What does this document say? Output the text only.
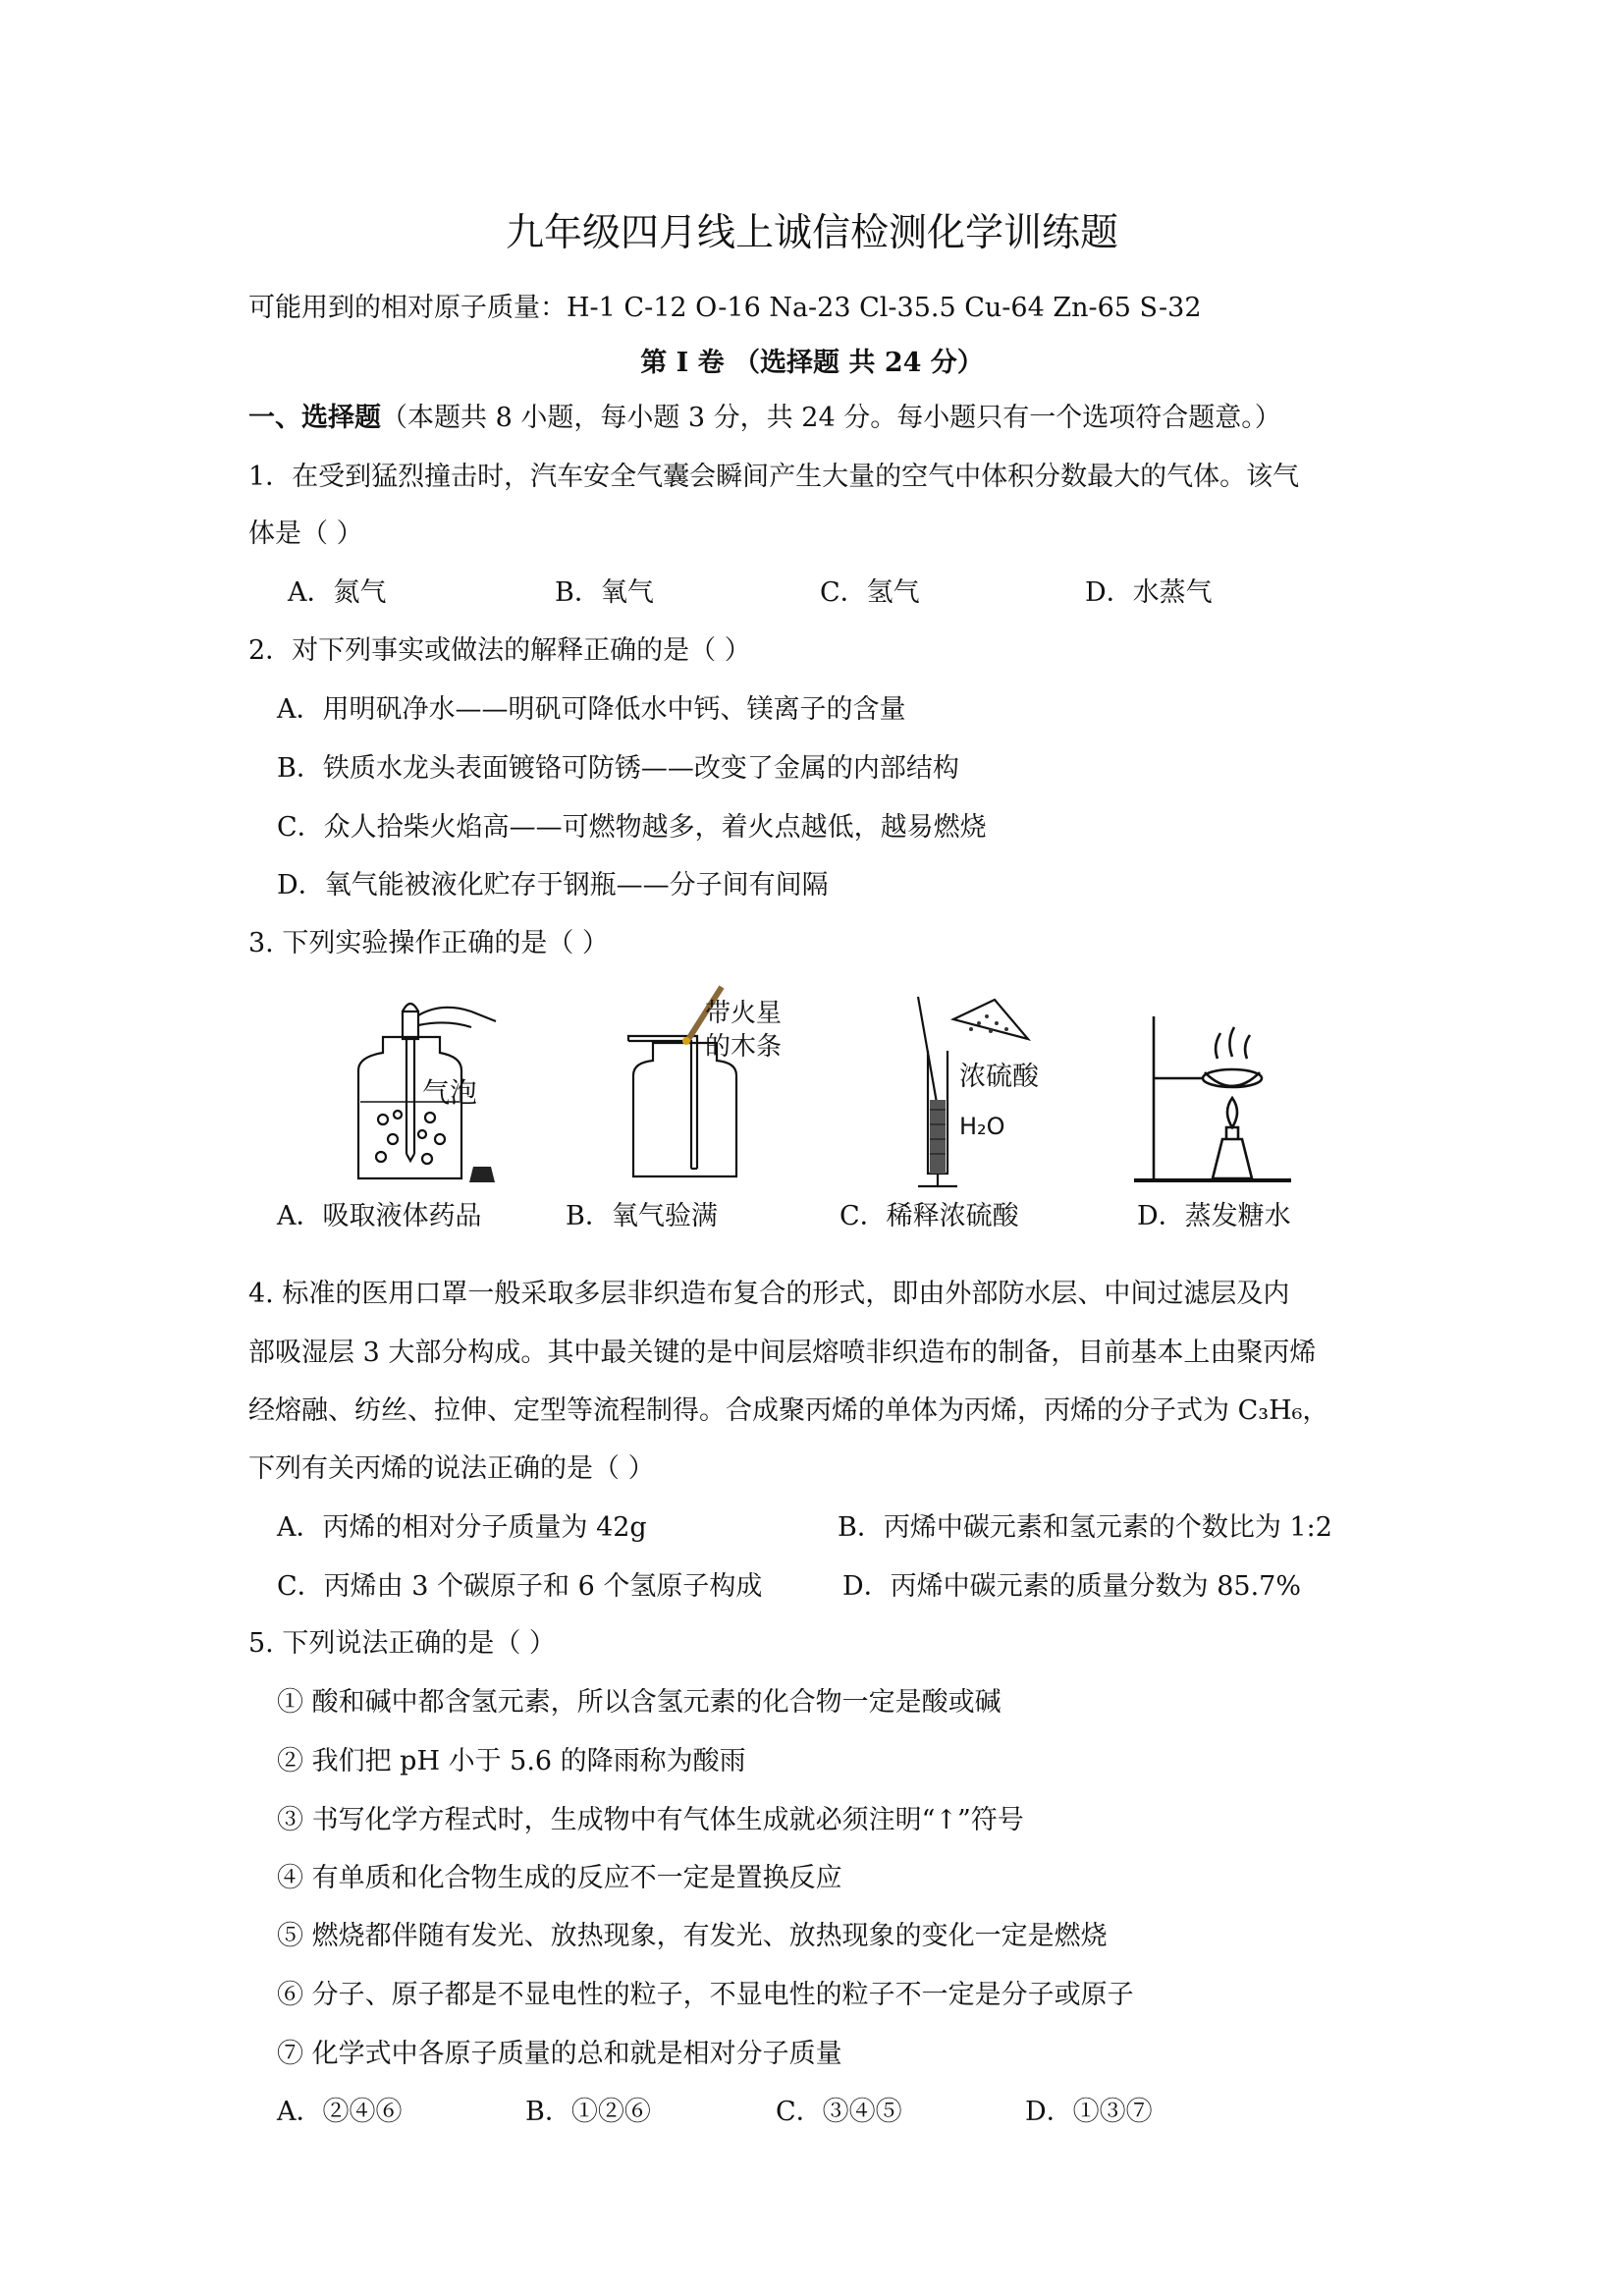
九年级四月线上诚信检测化学训练题
可能用到的相对原子质量：H-1 C-12 O-16 Na-23 Cl-35.5 Cu-64 Zn-65 S-32
第 I 卷 （选择题 共 24 分）
一、选择题（本题共 8 小题，每小题 3 分，共 24 分。每小题只有一个选项符合题意。）
1．在受到猛烈撞击时，汽车安全气囊会瞬间产生大量的空气中体积分数最大的气体。该气
体是（ ）
A．氮气	B．氧气	C．氢气	D．水蒸气
2．对下列事实或做法的解释正确的是（ ）
A．用明矾净水——明矾可降低水中钙、镁离子的含量
B．铁质水龙头表面镀铬可防锈——改变了金属的内部结构
C．众人拾柴火焰高——可燃物越多，着火点越低，越易燃烧
D．氧气能被液化贮存于钢瓶——分子间有间隔
3. 下列实验操作正确的是（ ）
气泡
带火星
的木条
浓硫酸
H₂O
A．吸取液体药品	B．氧气验满	C．稀释浓硫酸	D．蒸发糖水
4. 标准的医用口罩一般采取多层非织造布复合的形式，即由外部防水层、中间过滤层及内
部吸湿层 3 大部分构成。其中最关键的是中间层熔喷非织造布的制备，目前基本上由聚丙烯
经熔融、纺丝、拉伸、定型等流程制得。合成聚丙烯的单体为丙烯，丙烯的分子式为 C₃H₆，
下列有关丙烯的说法正确的是（ ）
A．丙烯的相对分子质量为 42g	B．丙烯中碳元素和氢元素的个数比为 1:2
C．丙烯由 3 个碳原子和 6 个氢原子构成	D．丙烯中碳元素的质量分数为 85.7%
5. 下列说法正确的是（ ）
① 酸和碱中都含氢元素，所以含氢元素的化合物一定是酸或碱
② 我们把 pH 小于 5.6 的降雨称为酸雨
③ 书写化学方程式时，生成物中有气体生成就必须注明“↑”符号
④ 有单质和化合物生成的反应不一定是置换反应
⑤ 燃烧都伴随有发光、放热现象，有发光、放热现象的变化一定是燃烧
⑥ 分子、原子都是不显电性的粒子，不显电性的粒子不一定是分子或原子
⑦ 化学式中各原子质量的总和就是相对分子质量
A．②④⑥	B．①②⑥	C．③④⑤	D．①③⑦
